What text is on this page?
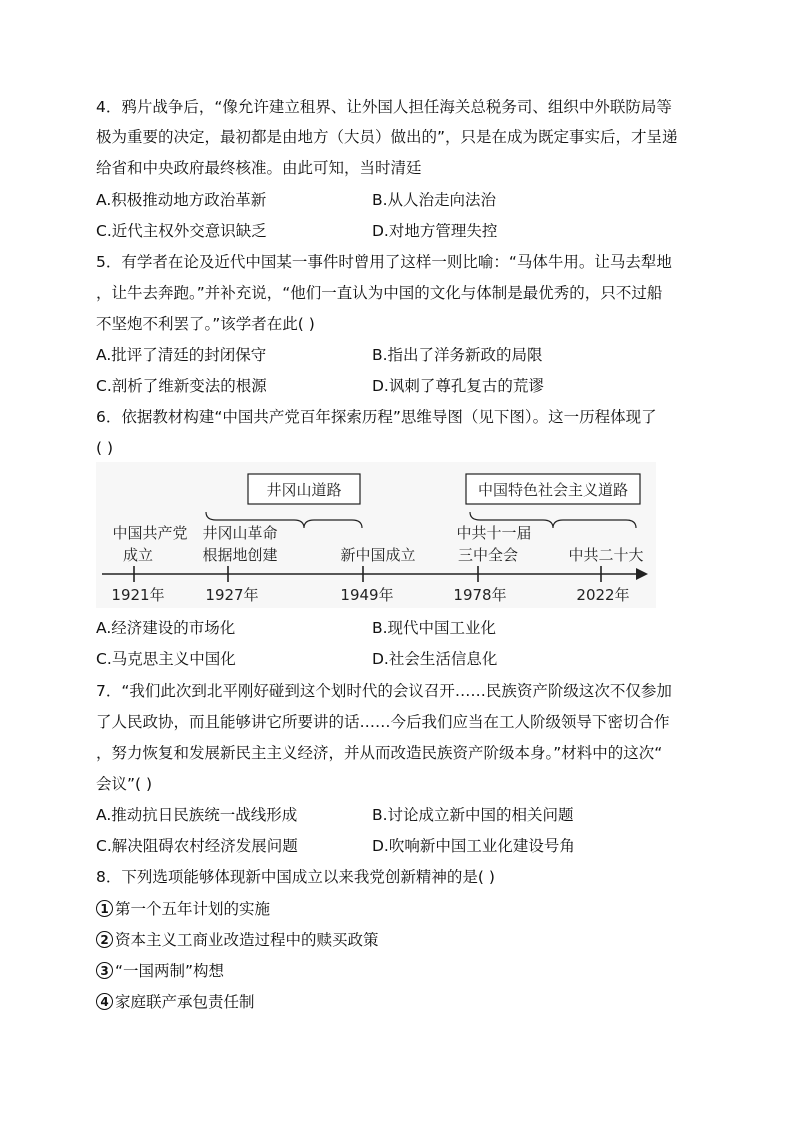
4．鸦片战争后，“像允许建立租界、让外国人担任海关总税务司、组织中外联防局等
极为重要的决定，最初都是由地方（大员）做出的”，只是在成为既定事实后，才呈递
给省和中央政府最终核准。由此可知，当时清廷
A.积极推动地方政治革新	B.从人治走向法治
C.近代主权外交意识缺乏	D.对地方管理失控
5．有学者在论及近代中国某一事件时曾用了这样一则比喻：“马体牛用。让马去犁地
，让牛去奔跑。”并补充说，“他们一直认为中国的文化与体制是最优秀的，只不过船
不坚炮不利罢了。”该学者在此( )
A.批评了清廷的封闭保守	B.指出了洋务新政的局限
C.剖析了维新变法的根源	D.讽刺了尊孔复古的荒谬
6．依据教材构建“中国共产党百年探索历程”思维导图（见下图）。这一历程体现了
( )
井冈山道路	中国特色社会主义道路
中国共产党
成立
井冈山革命
根据地创建	新中国成立
中共十一届
三中全会	中共二十大
1921年	1927年	1949年	1978年	2022年
A.经济建设的市场化	B.现代中国工业化
C.马克思主义中国化	D.社会生活信息化
7．“我们此次到北平刚好碰到这个划时代的会议召开……民族资产阶级这次不仅参加
了人民政协，而且能够讲它所要讲的话……今后我们应当在工人阶级领导下密切合作
，努力恢复和发展新民主主义经济，并从而改造民族资产阶级本身。”材料中的这次“
会议”( )
A.推动抗日民族统一战线形成	B.讨论成立新中国的相关问题
C.解决阻碍农村经济发展问题	D.吹响新中国工业化建设号角
8．下列选项能够体现新中国成立以来我党创新精神的是( )
1 第一个五年计划的实施
2 资本主义工商业改造过程中的赎买政策
3 “一国两制”构想
4 家庭联产承包责任制
